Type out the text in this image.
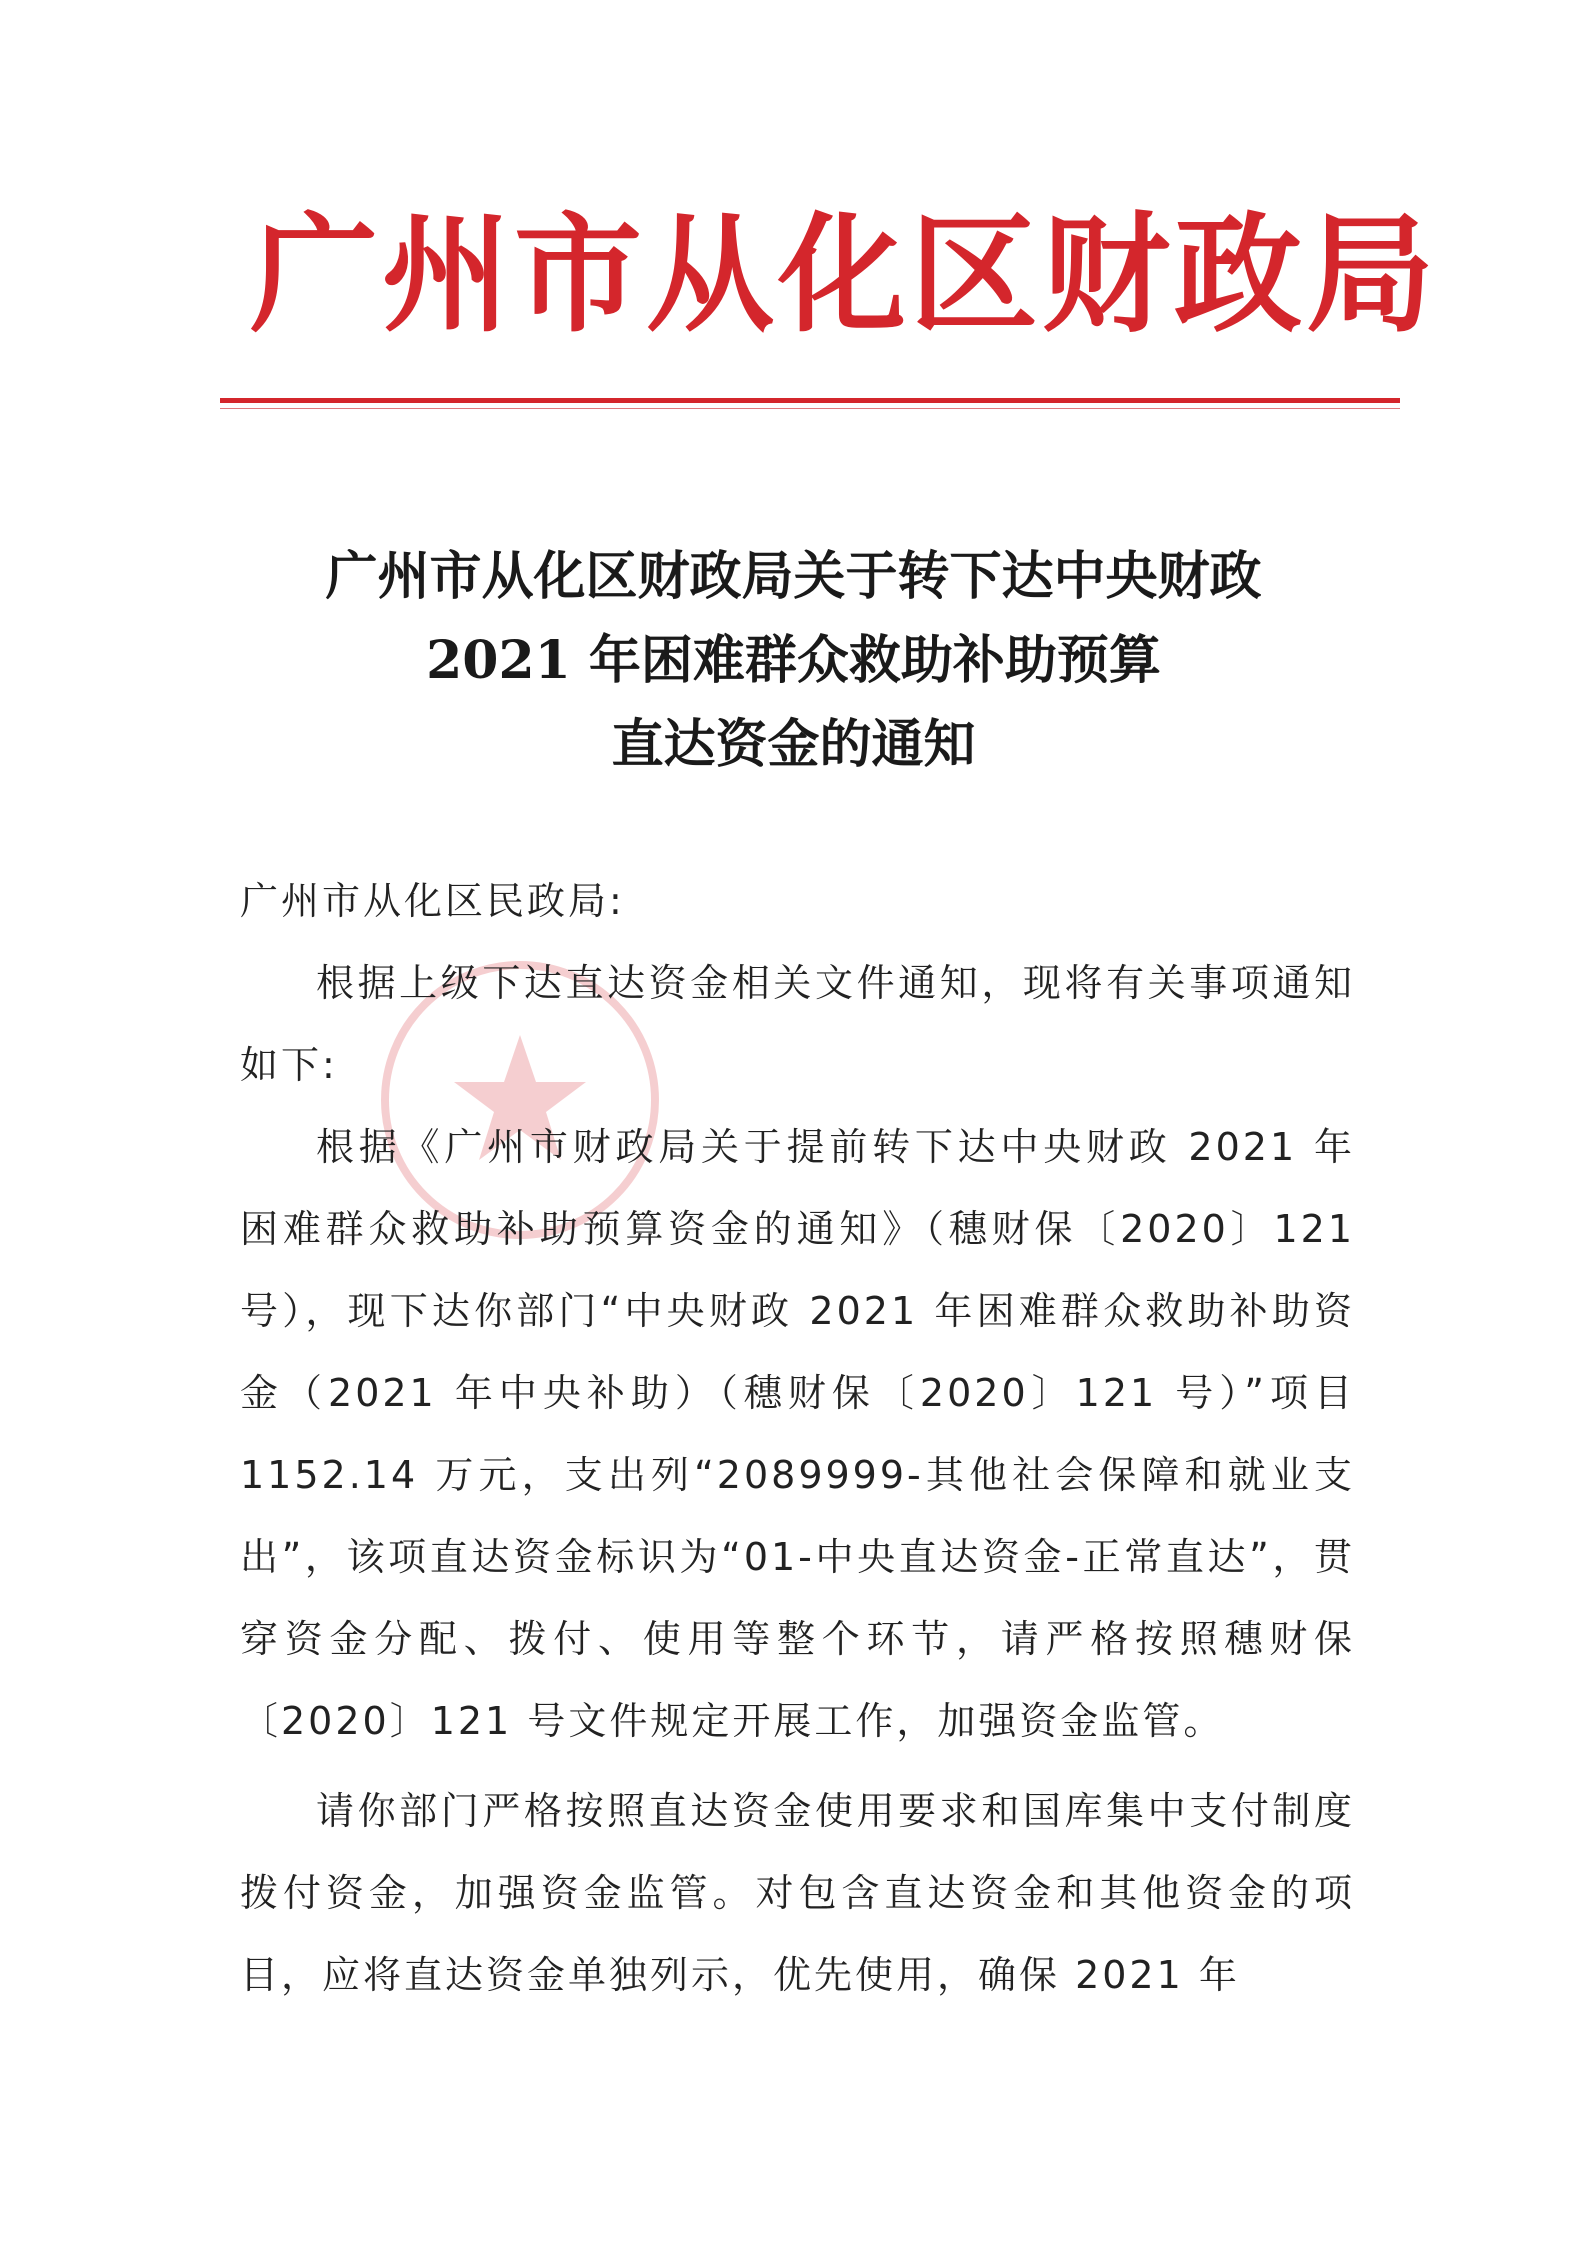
广州市从化区财政局
广州市从化区财政局关于转下达中央财政
2021 年困难群众救助补助预算
直达资金的通知

广州市从化区民政局:

根据上级下达直达资金相关文件通知，现将有关事项通知如下:

根据《广州市财政局关于提前转下达中央财政 2021 年困难群众救助补助预算资金的通知》（穗财保〔2020〕121 号），现下达你部门“中央财政 2021 年困难群众救助补助资金（2021 年中央补助）（穗财保〔2020〕121 号）”项目 1152.14 万元，支出列“2089999-其他社会保障和就业支出”，该项直达资金标识为“01-中央直达资金-正常直达”，贯穿资金分配、拨付、使用等整个环节，请严格按照穗财保〔2020〕121 号文件规定开展工作，加强资金监管。

请你部门严格按照直达资金使用要求和国库集中支付制度拨付资金，加强资金监管。对包含直达资金和其他资金的项目，应将直达资金单独列示，优先使用，确保 2021 年
